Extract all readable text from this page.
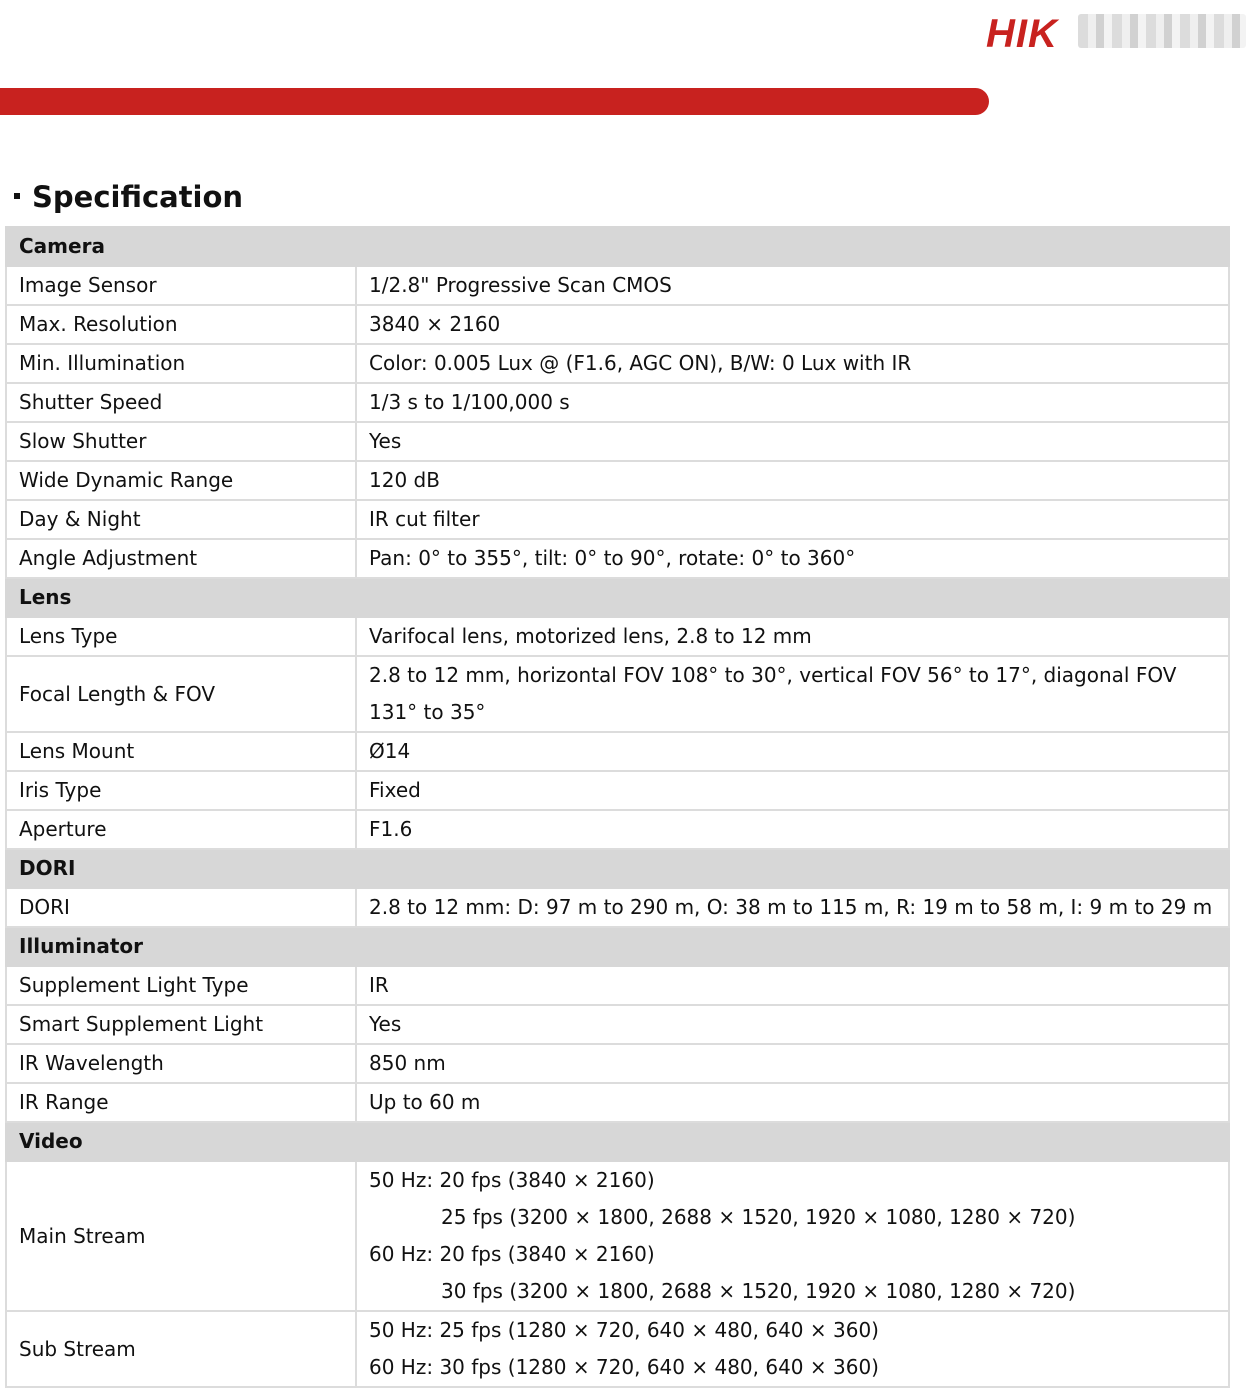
HIK
Specification
Camera	
Image Sensor	1/2.8" Progressive Scan CMOS
Max. Resolution	3840 × 2160
Min. Illumination	Color: 0.005 Lux @ (F1.6, AGC ON), B/W: 0 Lux with IR
Shutter Speed	1/3 s to 1/100,000 s
Slow Shutter	Yes
Wide Dynamic Range	120 dB
Day & Night	IR cut filter
Angle Adjustment	Pan: 0° to 355°, tilt: 0° to 90°, rotate: 0° to 360°
Lens	
Lens Type	Varifocal lens, motorized lens, 2.8 to 12 mm
Focal Length & FOV	2.8 to 12 mm, horizontal FOV 108° to 30°, vertical FOV 56° to 17°, diagonal FOV 131° to 35°
Lens Mount	Ø14
Iris Type	Fixed
Aperture	F1.6
DORI	
DORI	2.8 to 12 mm: D: 97 m to 290 m, O: 38 m to 115 m, R: 19 m to 58 m, I: 9 m to 29 m
Illuminator	
Supplement Light Type	IR
Smart Supplement Light	Yes
IR Wavelength	850 nm
IR Range	Up to 60 m
Video	
Main Stream	50 Hz: 20 fps (3840 × 2160)
25 fps (3200 × 1800, 2688 × 1520, 1920 × 1080, 1280 × 720)
60 Hz: 20 fps (3840 × 2160)
30 fps (3200 × 1800, 2688 × 1520, 1920 × 1080, 1280 × 720)

Sub Stream	50 Hz: 25 fps (1280 × 720, 640 × 480, 640 × 360)
60 Hz: 30 fps (1280 × 720, 640 × 480, 640 × 360)
